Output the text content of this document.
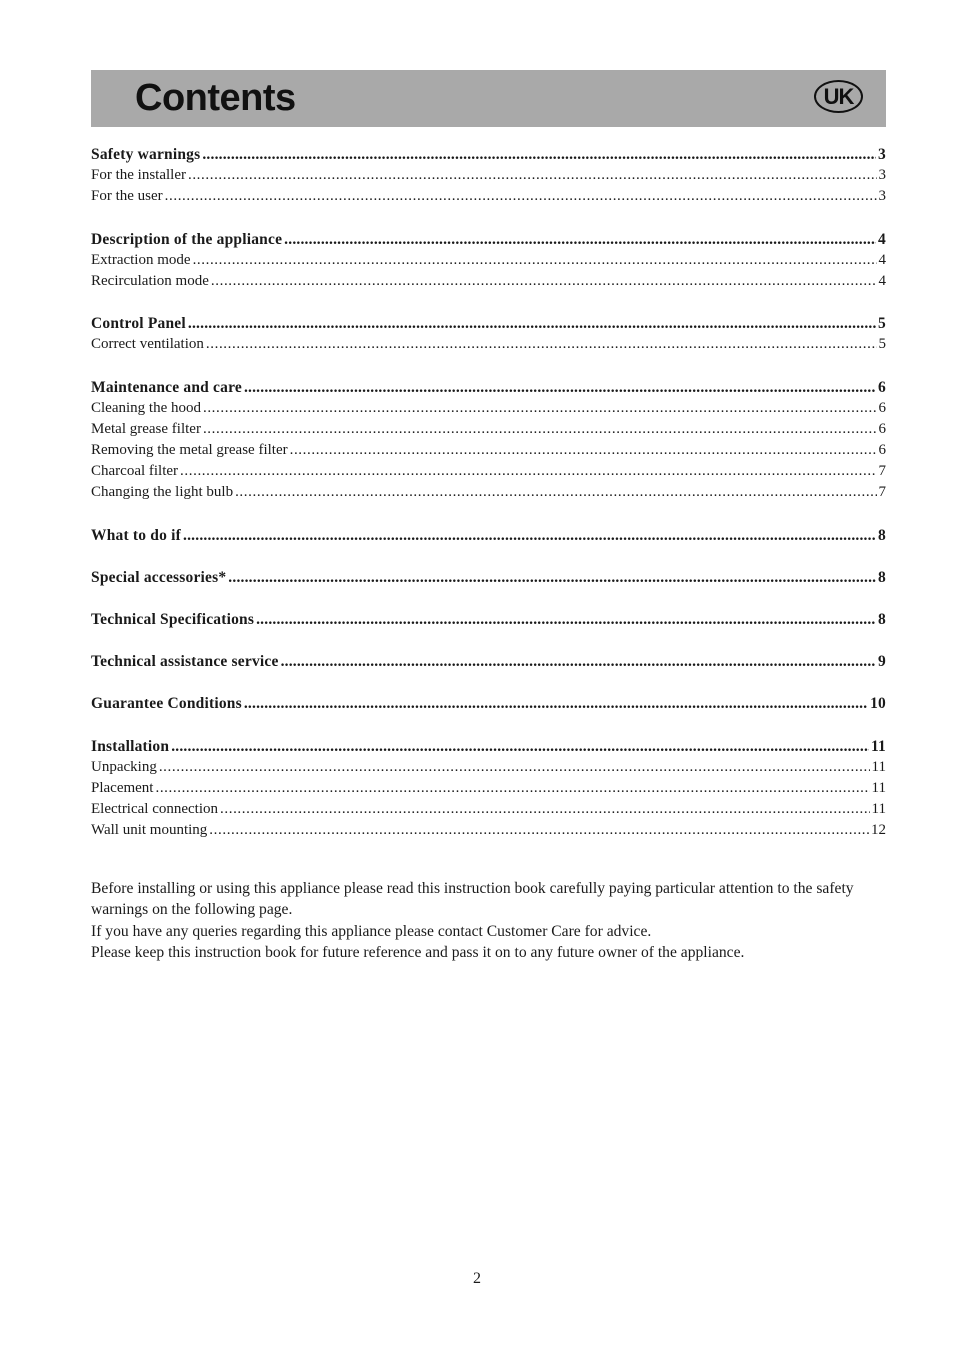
Contents	UK
Safety warnings .....	3
For the installer .....	3
For the user .....	3
Description of the appliance .....	4
Extraction mode .....	4
Recirculation mode .....	4
Control Panel .....	5
Correct ventilation .....	5
Maintenance and care .....	6
Cleaning the hood .....	6
Metal grease filter .....	6
Removing the metal grease filter .....	6
Charcoal filter .....	7
Changing the light bulb .....	7
What to do if .....	8
Special accessories* .....	8
Technical Specifications .....	8
Technical assistance service .....	9
Guarantee Conditions .....	10
Installation .....	11
Unpacking .....	11
Placement .....	11
Electrical connection .....	11
Wall unit mounting .....	12

Before installing or using this appliance please read this instruction book carefully paying particular attention to the safety warnings on the following page.

If you have any queries regarding this appliance please contact Customer Care for advice.

Please keep this instruction book for future reference and pass it on to any future owner of the appliance.

2
